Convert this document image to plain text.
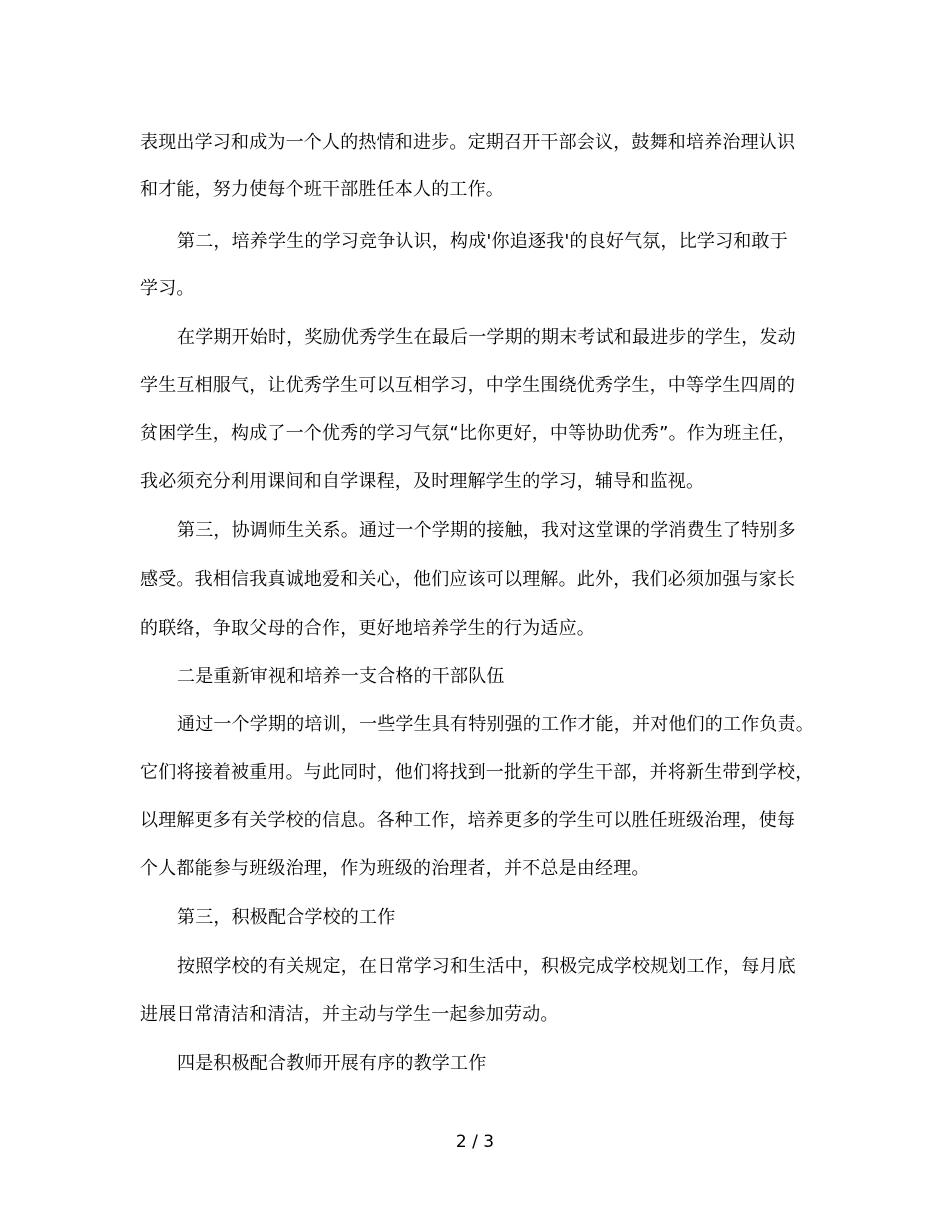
表现出学习和成为一个人的热情和进步。定期召开干部会议，鼓舞和培养治理认识
和才能，努力使每个班干部胜任本人的工作。
第二，培养学生的学习竞争认识，构成'你追逐我'的良好气氛，比学习和敢于
学习。
在学期开始时，奖励优秀学生在最后一学期的期末考试和最进步的学生，发动
学生互相服气，让优秀学生可以互相学习，中学生围绕优秀学生，中等学生四周的
贫困学生，构成了一个优秀的学习气氛“比你更好，中等协助优秀”。作为班主任，
我必须充分利用课间和自学课程，及时理解学生的学习，辅导和监视。
第三，协调师生关系。通过一个学期的接触，我对这堂课的学消费生了特别多
感受。我相信我真诚地爱和关心，他们应该可以理解。此外，我们必须加强与家长
的联络，争取父母的合作，更好地培养学生的行为适应。
二是重新审视和培养一支合格的干部队伍
通过一个学期的培训，一些学生具有特别强的工作才能，并对他们的工作负责。
它们将接着被重用。与此同时，他们将找到一批新的学生干部，并将新生带到学校，
以理解更多有关学校的信息。各种工作，培养更多的学生可以胜任班级治理，使每
个人都能参与班级治理，作为班级的治理者，并不总是由经理。
第三，积极配合学校的工作
按照学校的有关规定，在日常学习和生活中，积极完成学校规划工作，每月底
进展日常清洁和清洁，并主动与学生一起参加劳动。
四是积极配合教师开展有序的教学工作
2 / 3
